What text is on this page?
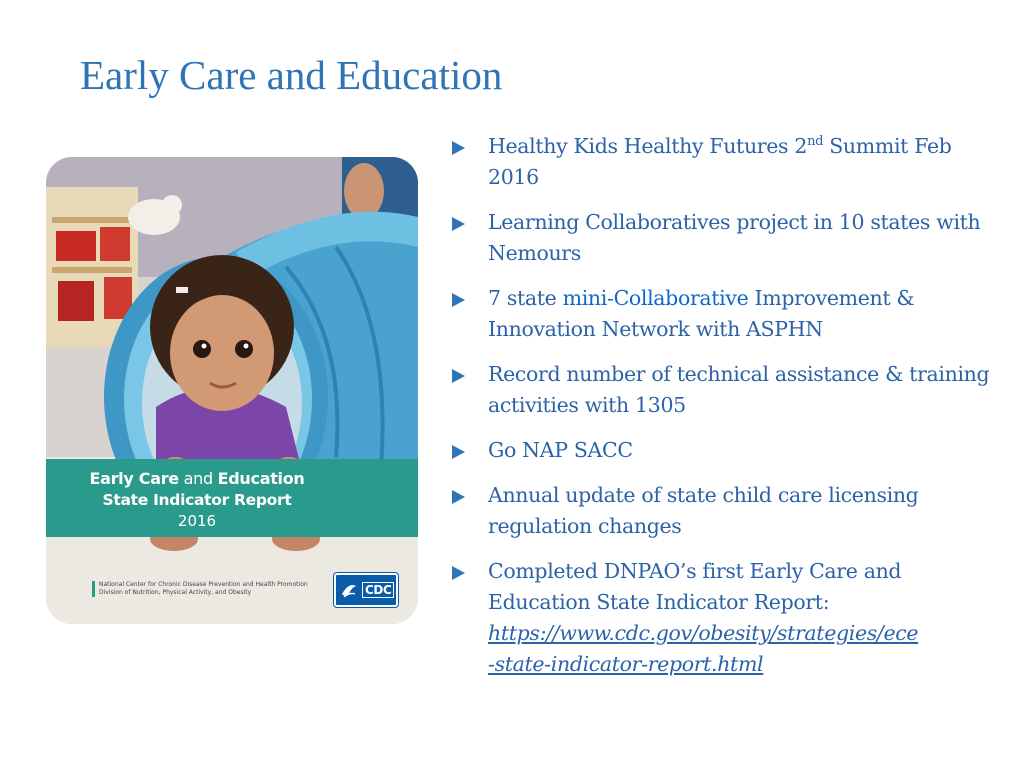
Early Care and Education
Early Care and Education
State Indicator Report
2016
National Center for Chronic Disease Prevention and Health Promotion
Division of Nutrition, Physical Activity, and Obesity	CDC
Healthy Kids Healthy Futures 2nd Summit Feb 2016
Learning Collaboratives project in 10 states with Nemours
7 state mini-Collaborative Improvement & Innovation Network with ASPHN
Record number of technical assistance & training activities with 1305
Go NAP SACC
Annual update of state child care licensing regulation changes
Completed DNPAO’s first Early Care and Education State Indicator Report:
https://www.cdc.gov/obesity/strategies/ece
-state-indicator-report.html
